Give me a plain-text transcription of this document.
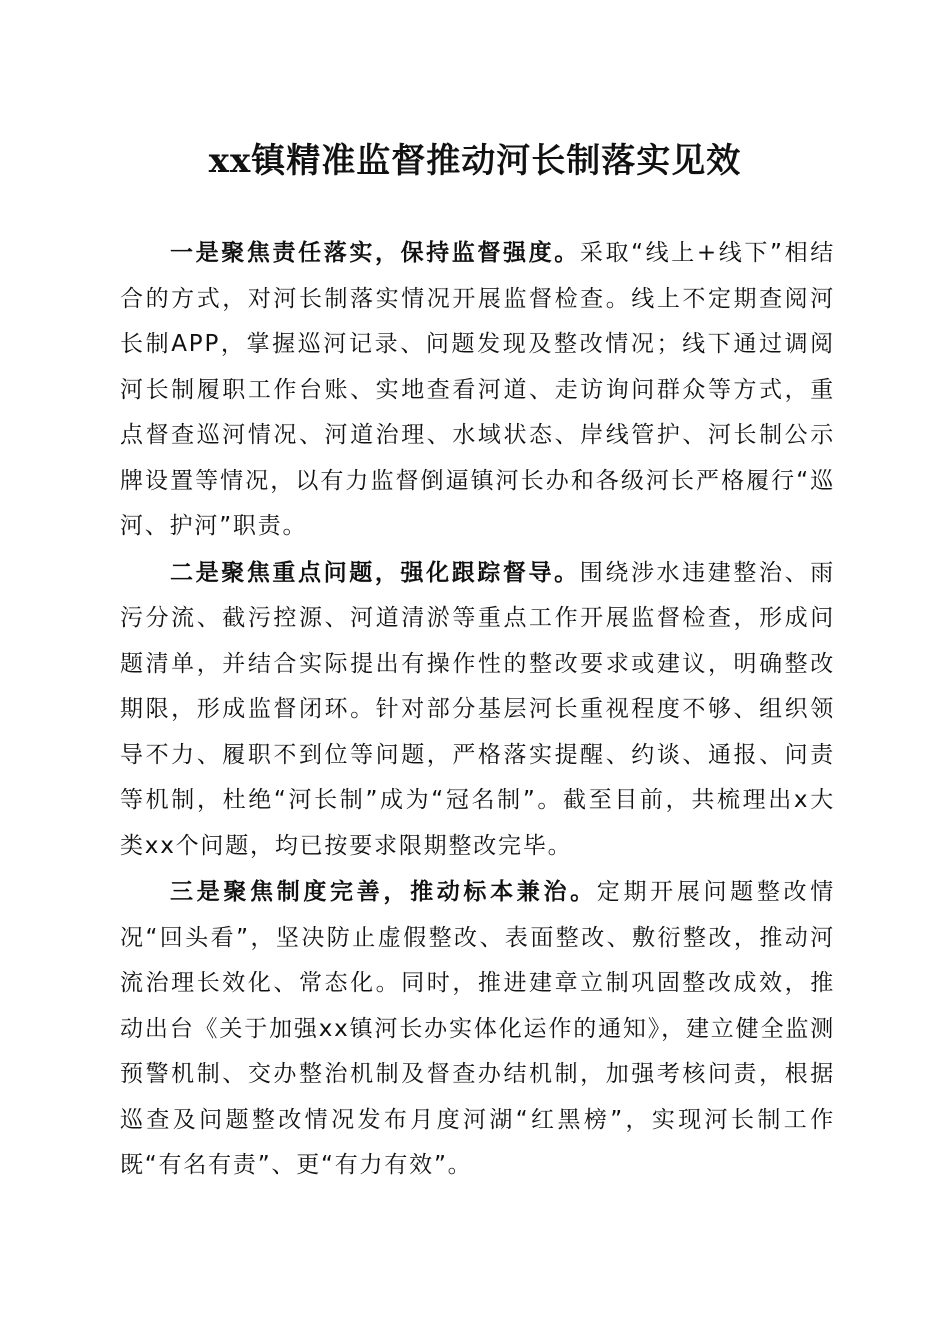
xx镇精准监督推动河长制落实见效

一是聚焦责任落实，保持监督强度。采取“线上+线下”相结合的方式，对河长制落实情况开展监督检查。线上不定期查阅河长制APP，掌握巡河记录、问题发现及整改情况；线下通过调阅河长制履职工作台账、实地查看河道、走访询问群众等方式，重点督查巡河情况、河道治理、水域状态、岸线管护、河长制公示牌设置等情况，以有力监督倒逼镇河长办和各级河长严格履行“巡河、护河”职责。

二是聚焦重点问题，强化跟踪督导。围绕涉水违建整治、雨污分流、截污控源、河道清淤等重点工作开展监督检查，形成问题清单，并结合实际提出有操作性的整改要求或建议，明确整改期限，形成监督闭环。针对部分基层河长重视程度不够、组织领导不力、履职不到位等问题，严格落实提醒、约谈、通报、问责等机制，杜绝“河长制”成为“冠名制”。截至目前，共梳理出x大类xx个问题，均已按要求限期整改完毕。

三是聚焦制度完善，推动标本兼治。定期开展问题整改情况“回头看”，坚决防止虚假整改、表面整改、敷衍整改，推动河流治理长效化、常态化。同时，推进建章立制巩固整改成效，推动出台《关于加强xx镇河长办实体化运作的通知》，建立健全监测预警机制、交办整治机制及督查办结机制，加强考核问责，根据巡查及问题整改情况发布月度河湖“红黑榜”，实现河长制工作既“有名有责”、更“有力有效”。
